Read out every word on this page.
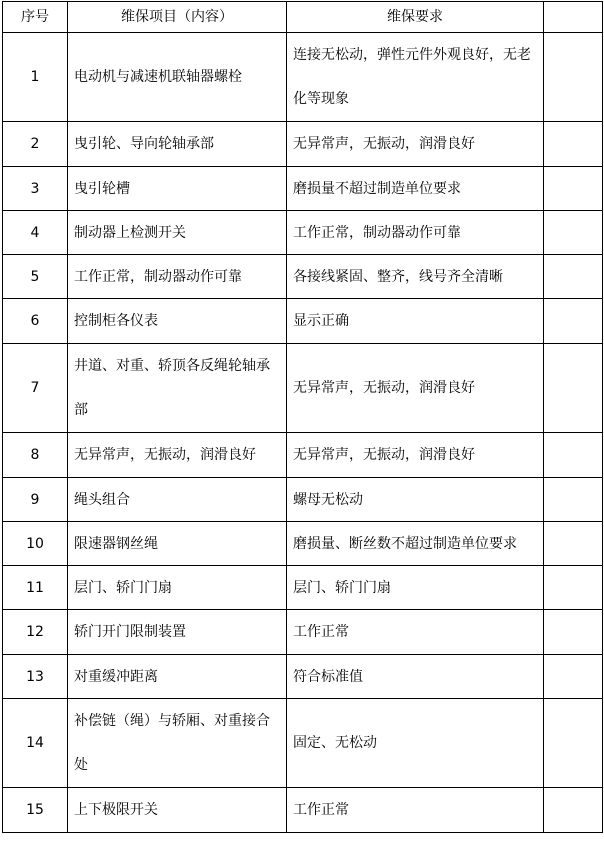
序号	维保项目（内容）	维保要求	
1	电动机与减速机联轴器螺栓	连接无松动，弹性元件外观良好，无老化等现象	
2	曳引轮、导向轮轴承部	无异常声，无振动，润滑良好	
3	曳引轮槽	磨损量不超过制造单位要求	
4	制动器上检测开关	工作正常，制动器动作可靠	
5	工作正常，制动器动作可靠	各接线紧固、整齐，线号齐全清晰	
6	控制柜各仪表	显示正确	
7	井道、对重、轿顶各反绳轮轴承部	无异常声，无振动，润滑良好	
8	无异常声，无振动，润滑良好	无异常声，无振动，润滑良好	
9	绳头组合	螺母无松动	
10	限速器钢丝绳	磨损量、断丝数不超过制造单位要求	
11	层门、轿门门扇	层门、轿门门扇	
12	轿门开门限制装置	工作正常	
13	对重缓冲距离	符合标准值	
14	补偿链（绳）与轿厢、对重接合处	固定、无松动	
15	上下极限开关	工作正常	
